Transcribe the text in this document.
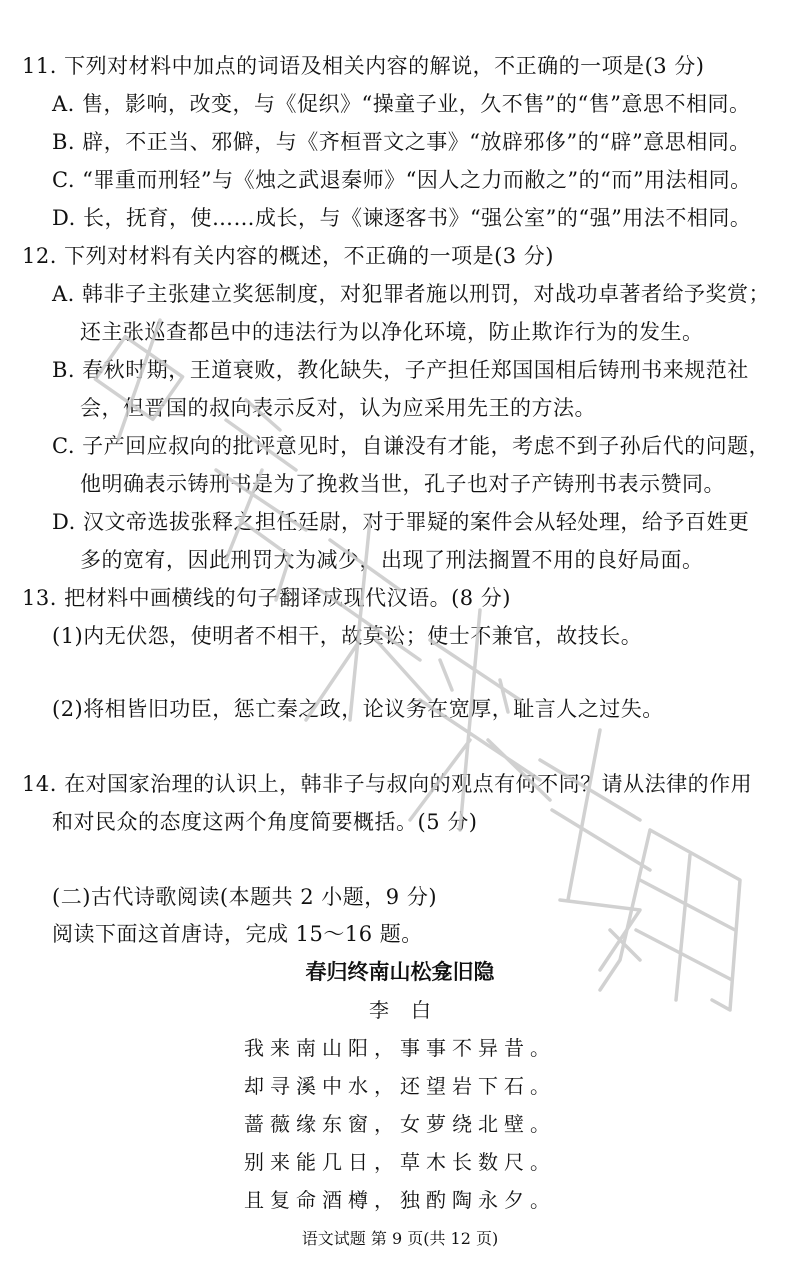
11. 下列对材料中加点的词语及相关内容的解说，不正确的一项是(3 分)
A. 售，影响，改变，与《促织》“操童子业，久不售”的“售”意思不相同。
B. 辟，不正当、邪僻，与《齐桓晋文之事》“放辟邪侈”的“辟”意思相同。
C. “罪重而刑轻”与《烛之武退秦师》“因人之力而敝之”的“而”用法相同。
D. 长，抚育，使……成长，与《谏逐客书》“强公室”的“强”用法不相同。
12. 下列对材料有关内容的概述，不正确的一项是(3 分)
A. 韩非子主张建立奖惩制度，对犯罪者施以刑罚，对战功卓著者给予奖赏；
还主张巡查都邑中的违法行为以净化环境，防止欺诈行为的发生。
B. 春秋时期，王道衰败，教化缺失，子产担任郑国国相后铸刑书来规范社
会，但晋国的叔向表示反对，认为应采用先王的方法。
C. 子产回应叔向的批评意见时，自谦没有才能，考虑不到子孙后代的问题，
他明确表示铸刑书是为了挽救当世，孔子也对子产铸刑书表示赞同。
D. 汉文帝选拔张释之担任廷尉，对于罪疑的案件会从轻处理，给予百姓更
多的宽宥，因此刑罚大为减少，出现了刑法搁置不用的良好局面。
13. 把材料中画横线的句子翻译成现代汉语。(8 分)
(1)内无伏怨，使明者不相干，故莫讼；使士不兼官，故技长。
(2)将相皆旧功臣，惩亡秦之政，论议务在宽厚，耻言人之过失。
14. 在对国家治理的认识上，韩非子与叔向的观点有何不同？请从法律的作用
和对民众的态度这两个角度简要概括。(5 分)
(二)古代诗歌阅读(本题共 2 小题，9 分)
阅读下面这首唐诗，完成 15～16 题。
春归终南山松龛旧隐
李白
我来南山阳，事事不异昔。
却寻溪中水，还望岩下石。
蔷薇缘东窗，女萝绕北壁。
别来能几日，草木长数尺。
且复命酒樽，独酌陶永夕。
语文试题 第 9 页(共 12 页)
